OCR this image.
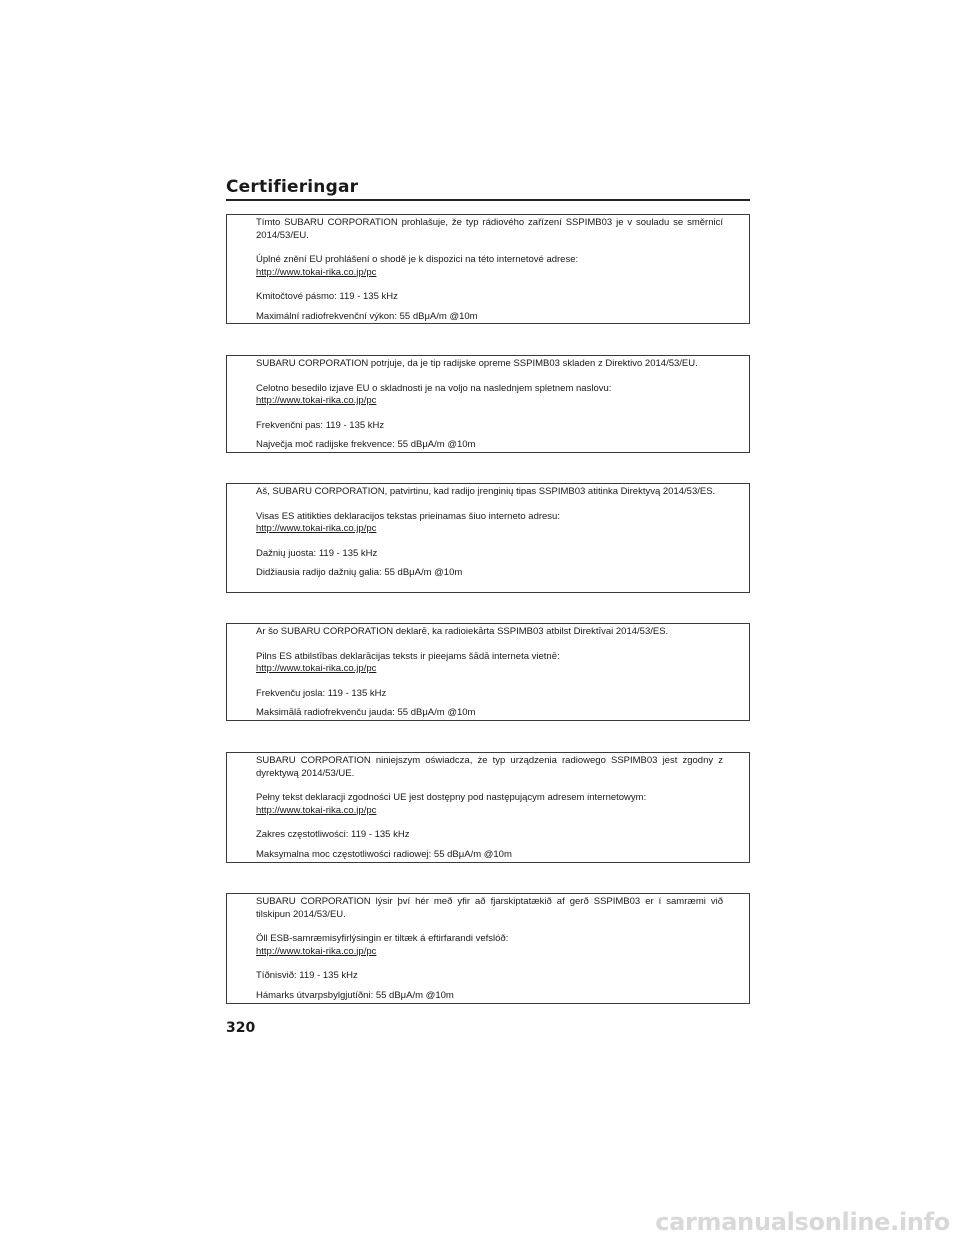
Certifieringar

Tímto SUBARU CORPORATION prohlašuje, že typ rádiového zařízení SSPIMB03 je v souladu se směrnicí 2014/53/EU.

Úplné znění EU prohlášení o shodě je k dispozici na této internetové adrese:

http://www.tokai-rika.co.jp/pc

Kmitočtové pásmo: 119 - 135 kHz

Maximální radiofrekvenční výkon: 55 dBμA/m @10m

SUBARU CORPORATION potrjuje, da je tip radijske opreme SSPIMB03 skladen z Direktivo 2014/53/EU.

Celotno besedilo izjave EU o skladnosti je na voljo na naslednjem spletnem naslovu:

http://www.tokai-rika.co.jp/pc

Frekvenčni pas: 119 - 135 kHz

Največja moč radijske frekvence: 55 dBμA/m @10m

Aš, SUBARU CORPORATION, patvirtinu, kad radijo įrenginių tipas SSPIMB03 atitinka Direktyvą 2014/53/ES.

Visas ES atitikties deklaracijos tekstas prieinamas šiuo interneto adresu:

http://www.tokai-rika.co.jp/pc

Dažnių juosta: 119 - 135 kHz

Didžiausia radijo dažnių galia: 55 dBμA/m @10m

Ar šo SUBARU CORPORATION deklarē, ka radioiekārta SSPIMB03 atbilst Direktīvai 2014/53/ES.

Pilns ES atbilstības deklarācijas teksts ir pieejams šādā interneta vietnē:

http://www.tokai-rika.co.jp/pc

Frekvenču josla: 119 - 135 kHz

Maksimālā radiofrekvenču jauda: 55 dBμA/m @10m

SUBARU CORPORATION niniejszym oświadcza, że typ urządzenia radiowego SSPIMB03 jest zgodny z dyrektywą 2014/53/UE.

Pełny tekst deklaracji zgodności UE jest dostępny pod następującym adresem internetowym:

http://www.tokai-rika.co.jp/pc

Zakres częstotliwości: 119 - 135 kHz

Maksymalna moc częstotliwości radiowej: 55 dBμA/m @10m

SUBARU CORPORATION lýsir því hér með yfir að fjarskiptatækið af gerð SSPIMB03 er í samræmi við tilskipun 2014/53/EU.

Öll ESB-samræmisyfirlýsingin er tiltæk á eftirfarandi vefslóð:

http://www.tokai-rika.co.jp/pc

Tíðnisvið: 119 - 135 kHz

Hámarks útvarpsbylgjutíðni: 55 dBμA/m @10m

320
carmanualsonline.info
